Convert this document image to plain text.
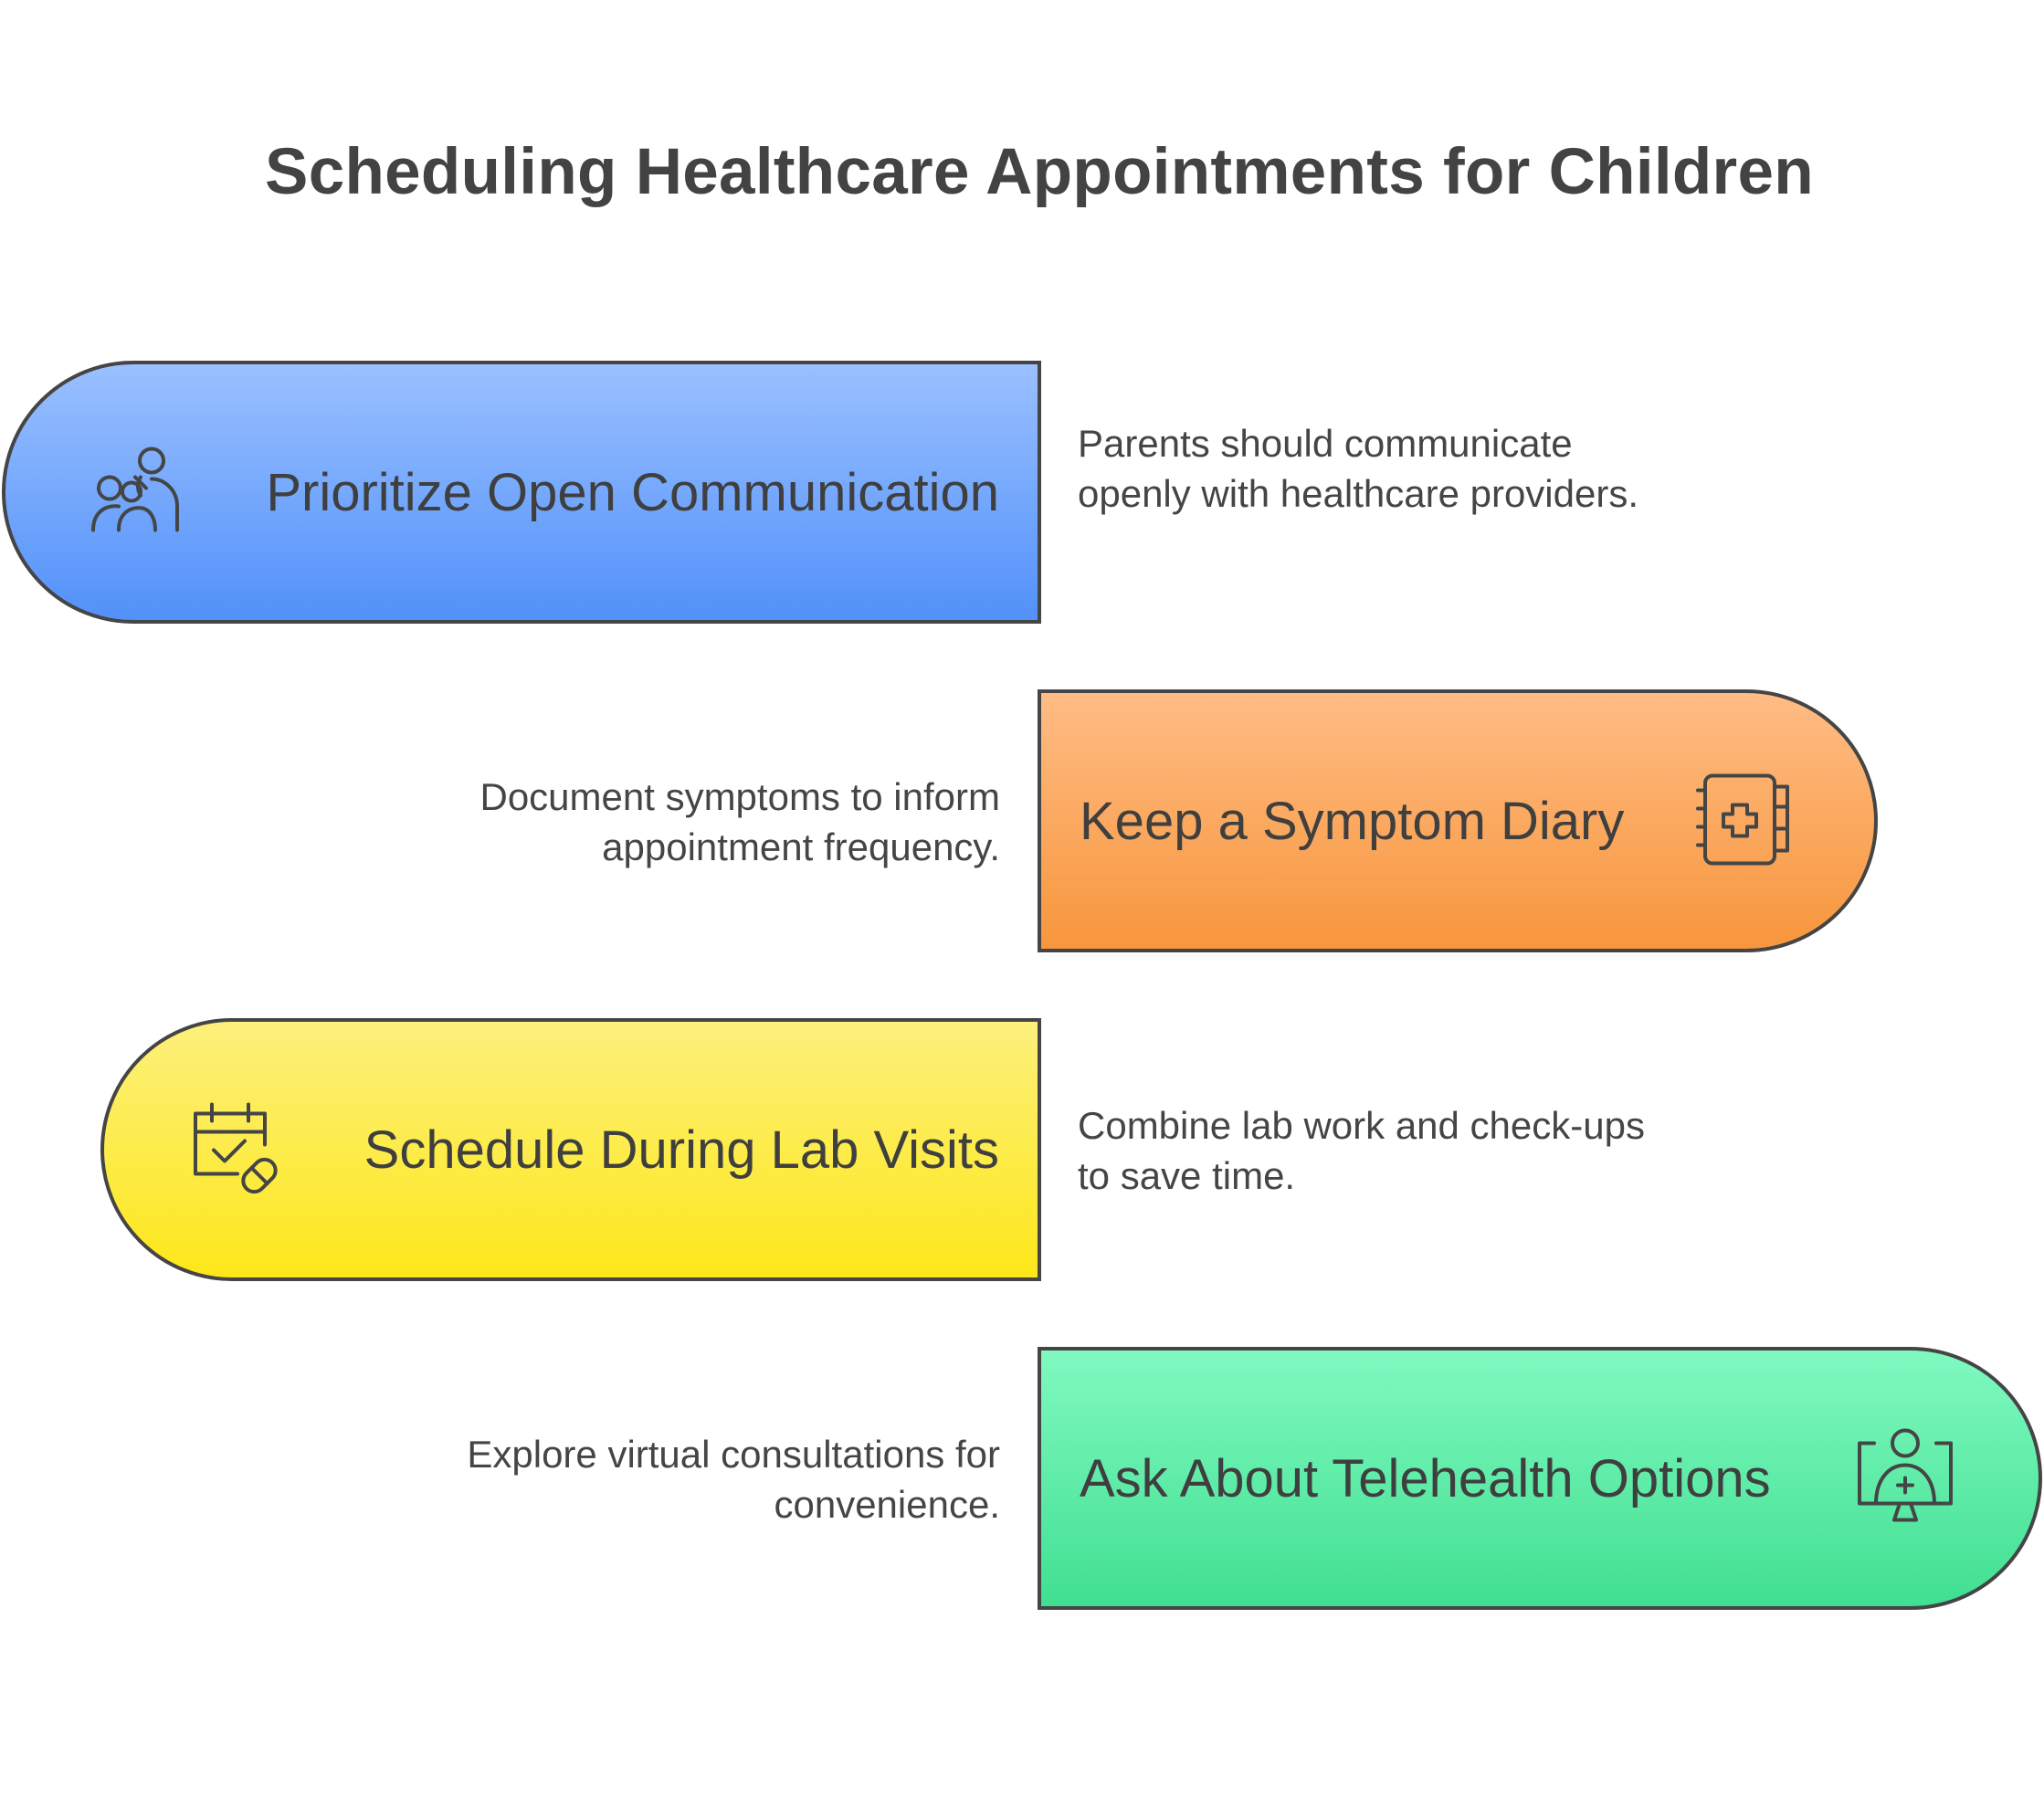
Scheduling Healthcare Appointments for Children
Prioritize Open Communication
Parents should communicate openly with healthcare providers.
Keep a Symptom Diary
Document symptoms to inform appointment frequency.
Schedule During Lab Visits Combine lab work and check-ups to save time.
Ask About Telehealth Options
Explore virtual consultations for convenience.
